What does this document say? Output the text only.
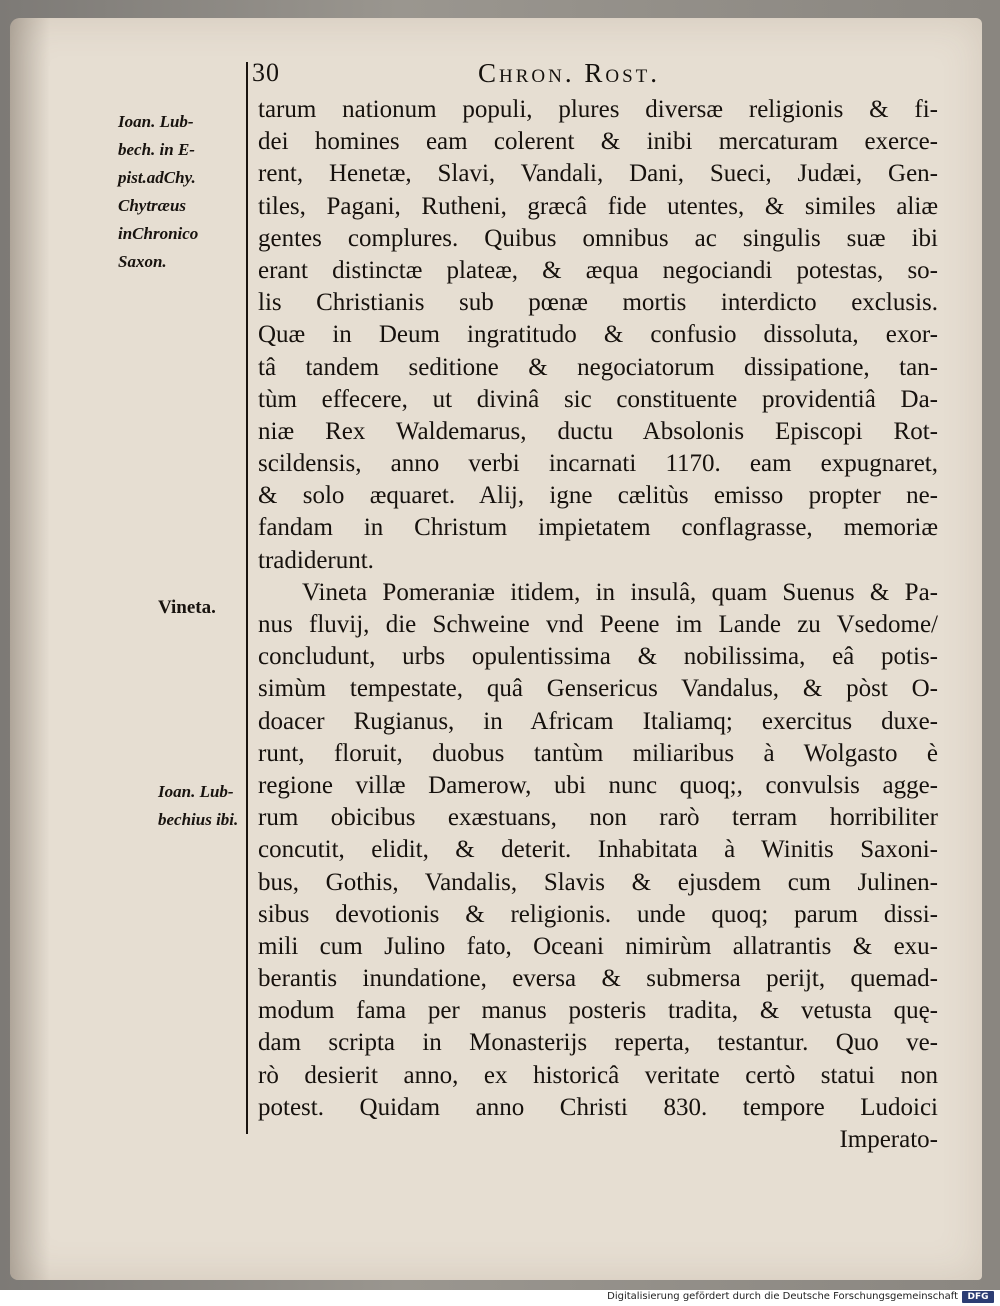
30	Chron. Rost.
Ioan. Lub-
bech. in E-
pist.adChy.
Chytræus
inChronico
Saxon.
Vineta.
Ioan. Lub-
bechius ibi.
tarum nationum populi, plures diversæ religionis & fi-
dei homines eam colerent & inibi mercaturam exerce-
rent, Henetæ, Slavi, Vandali, Dani, Sueci, Judæi, Gen-
tiles, Pagani, Rutheni, græcâ fide utentes, & similes aliæ
gentes complures. Quibus omnibus ac singulis suæ ibi
erant distinctæ plateæ, & æqua negociandi potestas, so-
lis Christianis sub pœnæ mortis interdicto exclusis.
Quæ in Deum ingratitudo & confusio dissoluta, exor-
tâ tandem seditione & negociatorum dissipatione, tan-
tùm effecere, ut divinâ sic constituente providentiâ Da-
niæ Rex Waldemarus, ductu Absolonis Episcopi Rot-
scildensis, anno verbi incarnati 1170. eam expugnaret,
& solo æquaret. Alij, igne cælitùs emisso propter ne-
fandam in Christum impietatem conflagrasse, memoriæ
tradiderunt.
Vineta Pomeraniæ itidem, in insulâ, quam Suenus & Pa-
nus fluvij, die Schweine vnd Peene im Lande zu Vsedome/
concludunt, urbs opulentissima & nobilissima, eâ potis-
simùm tempestate, quâ Gensericus Vandalus, & pòst O-
doacer Rugianus, in Africam Italiamq; exercitus duxe-
runt, floruit, duobus tantùm miliaribus à Wolgasto è
regione villæ Damerow, ubi nunc quoq;, convulsis agge-
rum obicibus exæstuans, non rarò terram horribiliter
concutit, elidit, & deterit. Inhabitata à Winitis Saxoni-
bus, Gothis, Vandalis, Slavis & ejusdem cum Julinen-
sibus devotionis & religionis. unde quoq; parum dissi-
mili cum Julino fato, Oceani nimirùm allatrantis & exu-
berantis inundatione, eversa & submersa perijt, quemad-
modum fama per manus posteris tradita, & vetusta quę-
dam scripta in Monasterijs reperta, testantur. Quo ve-
rò desierit anno, ex historicâ veritate certò statui non
potest. Quidam anno Christi 830. tempore Ludoici
Imperato-
Digitalisierung gefördert durch die Deutsche Forschungsgemeinschaft	DFG
